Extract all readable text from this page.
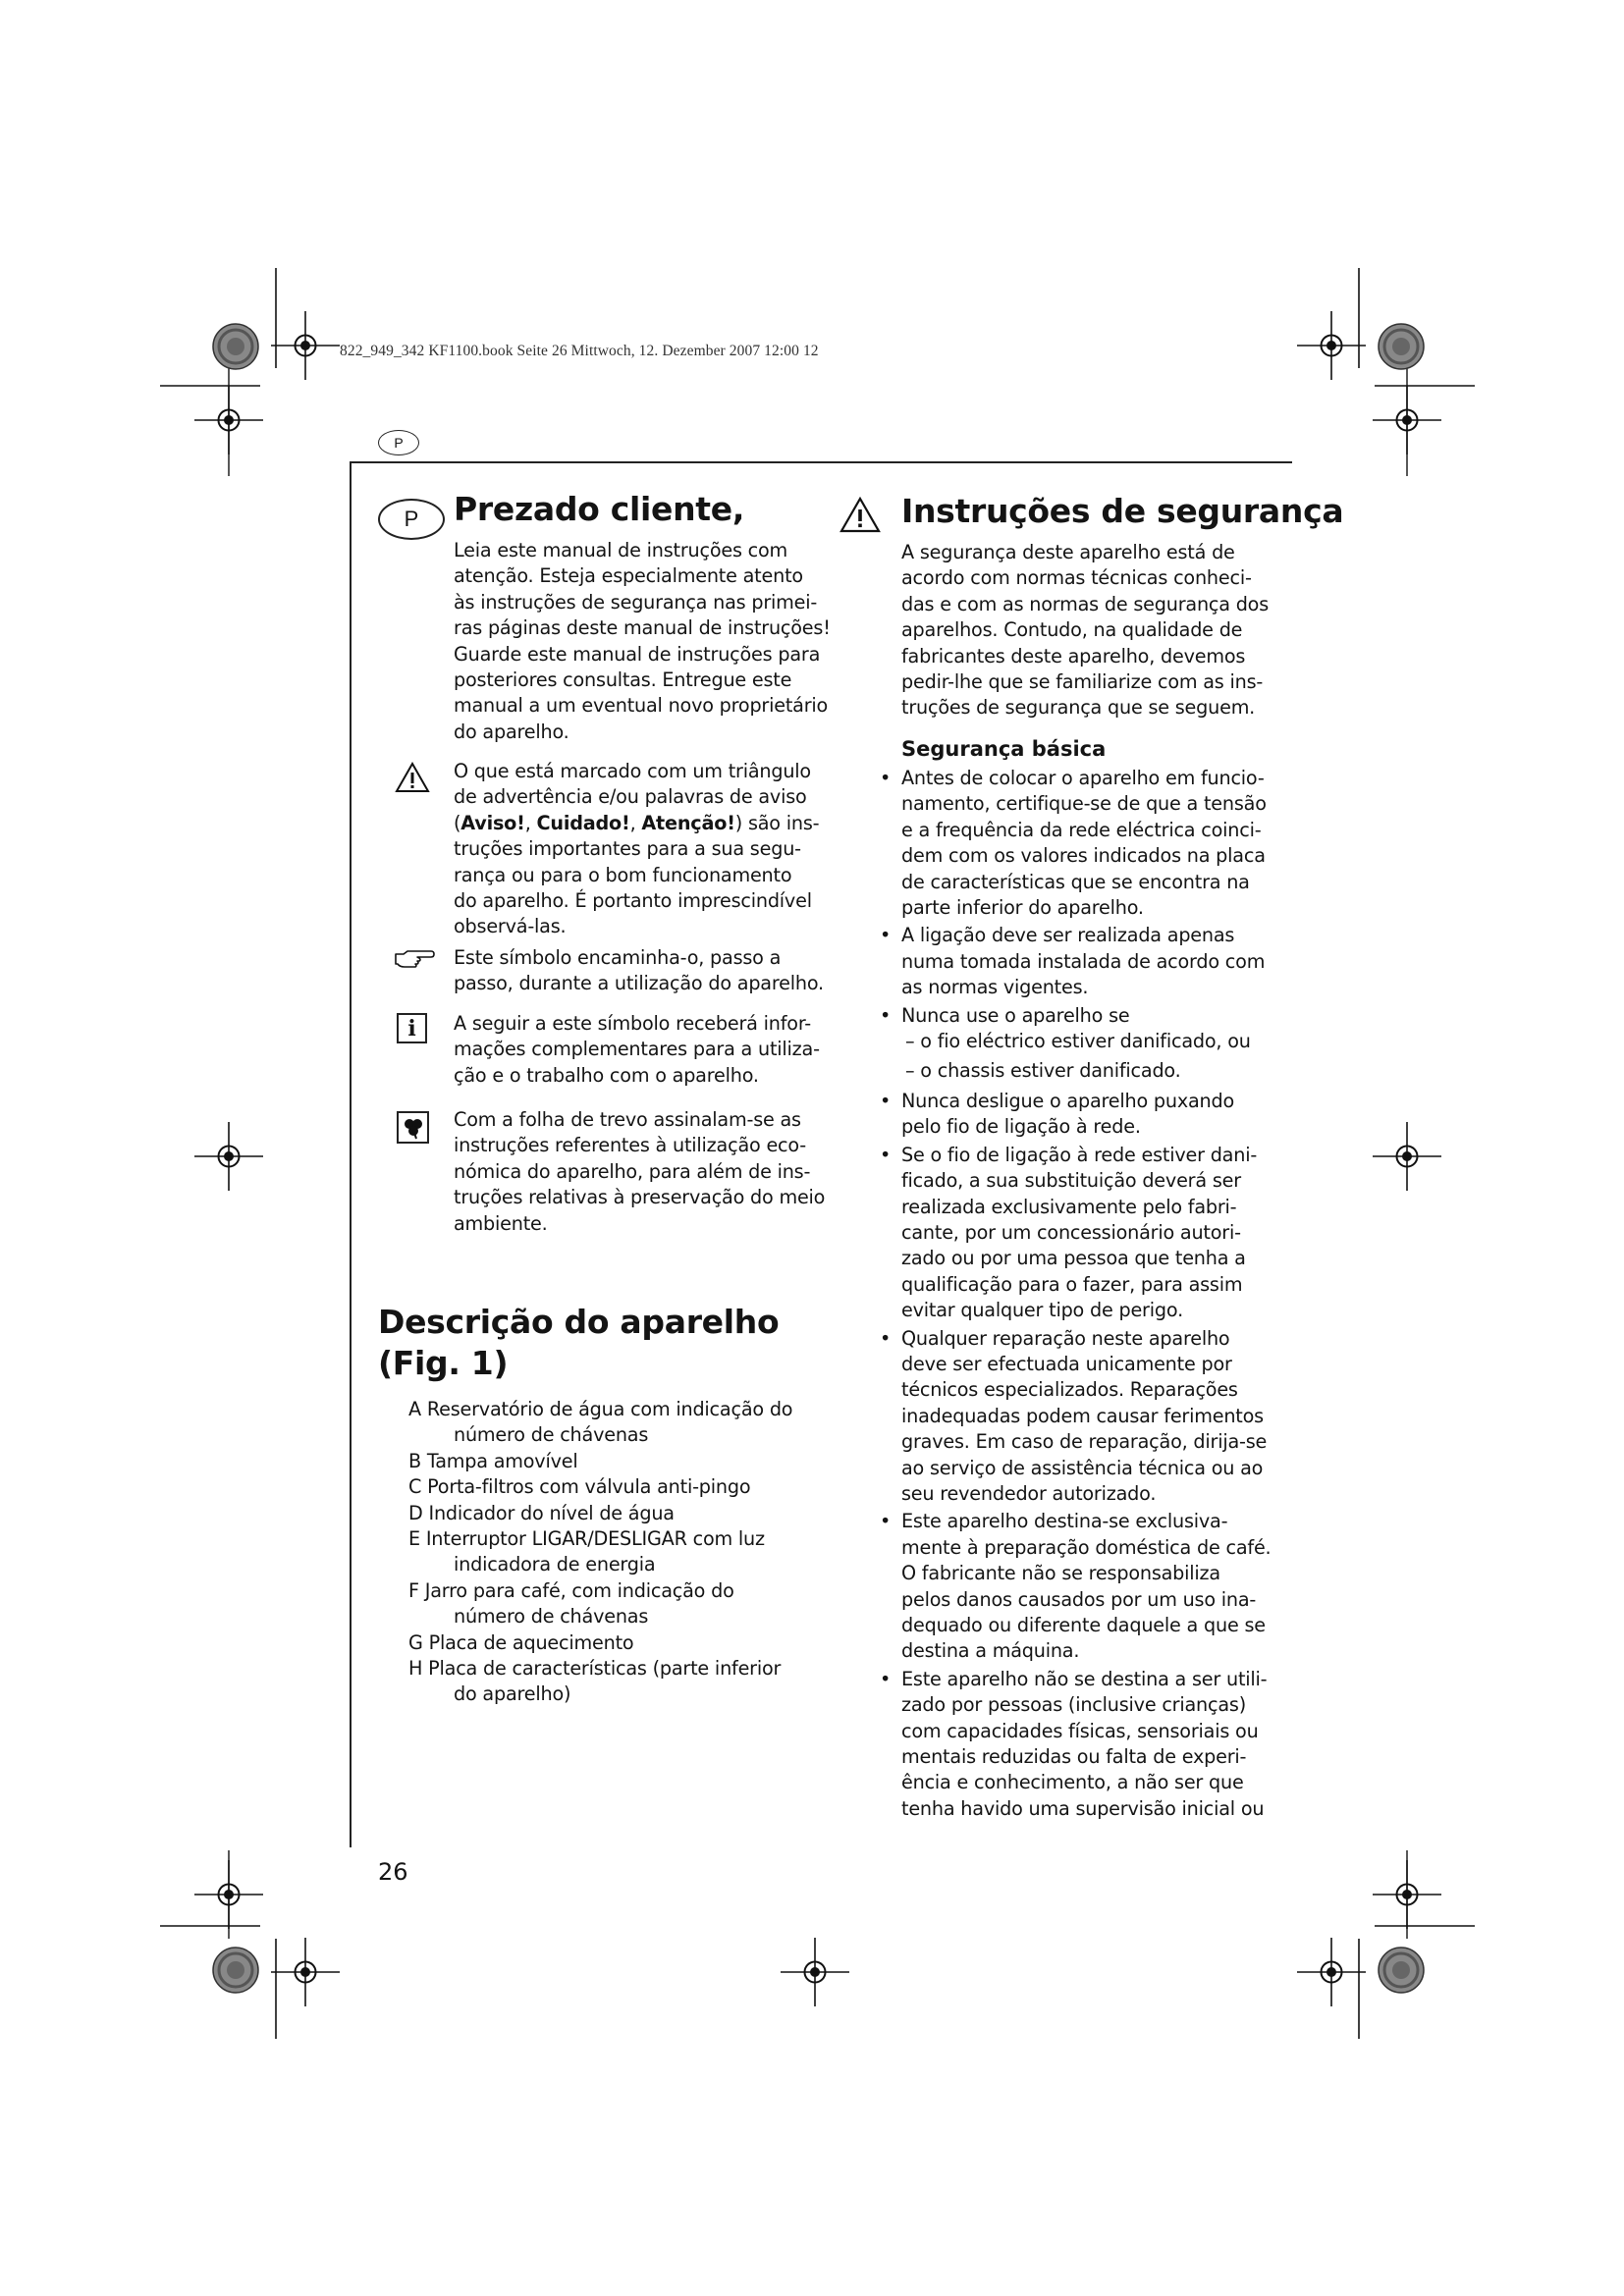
822_949_342 KF1100.book Seite 26 Mittwoch, 12. Dezember 2007 12:00 12
P
P	Prezado cliente,

Leia este manual de instruções com

atenção. Esteja especialmente atento

às instruções de segurança nas primei-

ras páginas deste manual de instruções!

Guarde este manual de instruções para

posteriores consultas. Entregue este

manual a um eventual novo proprietário

do aparelho.

O que está marcado com um triângulo

de advertência e/ou palavras de aviso

(Aviso!, Cuidado!, Atenção!) são ins-

truções importantes para a sua segu-

rança ou para o bom funcionamento

do aparelho. É portanto imprescindível

observá-las.

Este símbolo encaminha-o, passo a

passo, durante a utilização do aparelho.

i A seguir a este símbolo receberá infor-

mações complementares para a utiliza-

ção e o trabalho com o aparelho.

Com a folha de trevo assinalam-se as

instruções referentes à utilização eco-

nómica do aparelho, para além de ins-

truções relativas à preservação do meio

ambiente.

Descrição do aparelho
(Fig. 1)
A Reservatório de água com indicação do
número de chávenas
B Tampa amovível
C Porta-filtros com válvula anti-pingo
D Indicador do nível de água
E Interruptor LIGAR/DESLIGAR com luz
indicadora de energia
F Jarro para café, com indicação do
número de chávenas
G Placa de aquecimento
H Placa de características (parte inferior
do aparelho)
Instruções de segurança

A segurança deste aparelho está de

acordo com normas técnicas conheci-

das e com as normas de segurança dos

aparelhos. Contudo, na qualidade de

fabricantes deste aparelho, devemos

pedir-lhe que se familiarize com as ins-

truções de segurança que se seguem.

Segurança básica
• Antes de colocar o aparelho em funcio-
namento, certifique-se de que a tensão
e a frequência da rede eléctrica coinci-
dem com os valores indicados na placa
de características que se encontra na
parte inferior do aparelho.
• A ligação deve ser realizada apenas
numa tomada instalada de acordo com
as normas vigentes.
• Nunca use o aparelho se
– o fio eléctrico estiver danificado, ou
– o chassis estiver danificado.
• Nunca desligue o aparelho puxando
pelo fio de ligação à rede.
• Se o fio de ligação à rede estiver dani-
ficado, a sua substituição deverá ser
realizada exclusivamente pelo fabri-
cante, por um concessionário autori-
zado ou por uma pessoa que tenha a
qualificação para o fazer, para assim
evitar qualquer tipo de perigo.
• Qualquer reparação neste aparelho
deve ser efectuada unicamente por
técnicos especializados. Reparações
inadequadas podem causar ferimentos
graves. Em caso de reparação, dirija-se
ao serviço de assistência técnica ou ao
seu revendedor autorizado.
• Este aparelho destina-se exclusiva-
mente à preparação doméstica de café.
O fabricante não se responsabiliza
pelos danos causados por um uso ina-
dequado ou diferente daquele a que se
destina a máquina.
• Este aparelho não se destina a ser utili-
zado por pessoas (inclusive crianças)
com capacidades físicas, sensoriais ou
mentais reduzidas ou falta de experi-
ência e conhecimento, a não ser que
tenha havido uma supervisão inicial ou
26
